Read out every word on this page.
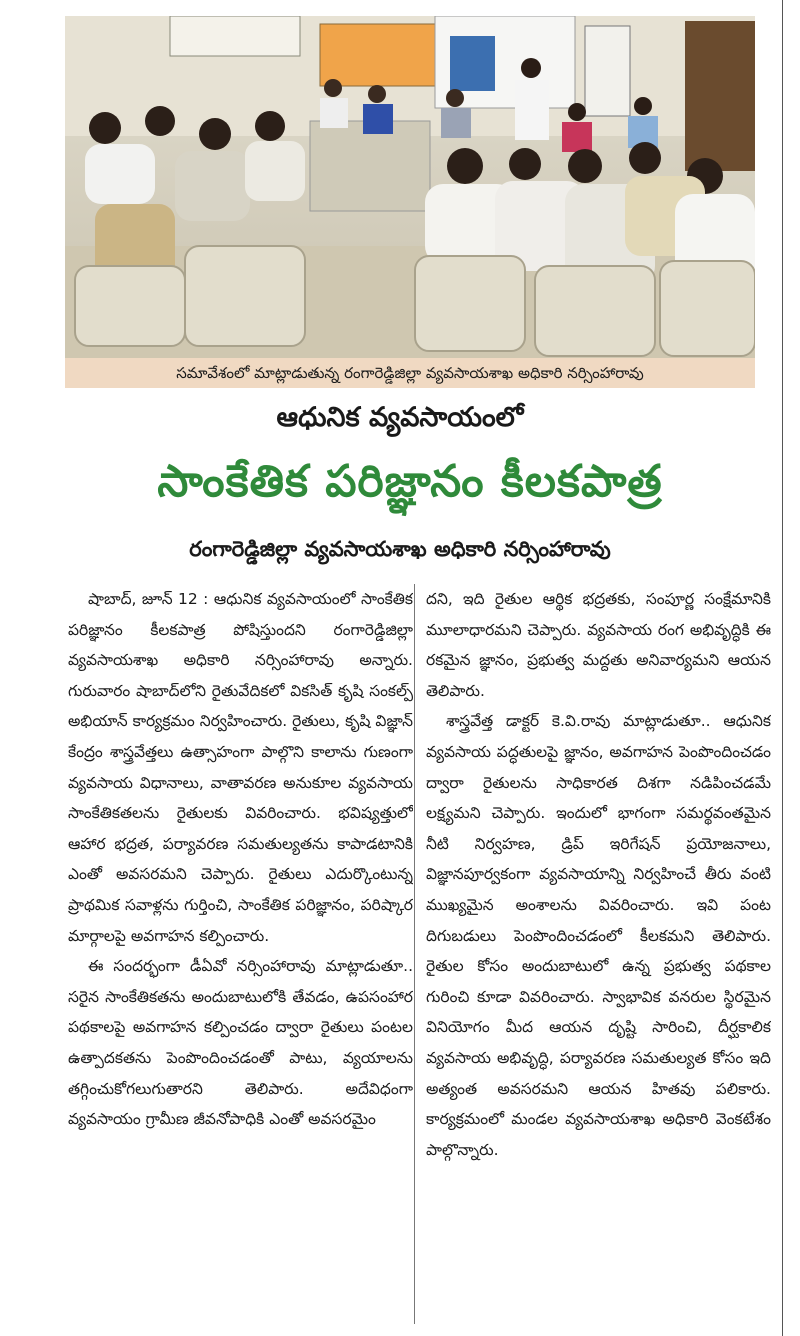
సమావేశంలో మాట్లాడుతున్న రంగారెడ్డిజిల్లా వ్యవసాయశాఖ అధికారి నర్సింహారావు
ఆధునిక వ్యవసాయంలో
సాంకేతిక పరిజ్ఞానం కీలకపాత్ర
రంగారెడ్డిజిల్లా వ్యవసాయశాఖ అధికారి నర్సింహారావు

షాబాద్‌, జూన్‌ 12 : ఆధునిక వ్యవసాయంలో సాంకేతిక పరిజ్ఞానం కీలకపాత్ర పోషిస్తుందని రంగారెడ్డిజిల్లా వ్యవసాయశాఖ అధికారి నర్సింహారావు అన్నారు. గురువారం షాబాద్‌లోని రైతువేదికలో వికసిత్‌ కృషి సంకల్ప్‌ అభియాన్‌ కార్యక్రమం నిర్వహించారు. రైతులు, కృషి విజ్ఞాన్‌ కేంద్రం శాస్త్రవేత్తలు ఉత్సాహంగా పాల్గొని కాలాను గుణంగా వ్యవసాయ విధానాలు, వాతావరణ అనుకూల వ్యవసాయ సాంకేతికతలను రైతులకు వివరించారు. భవిష్యత్తులో ఆహార భద్రత, పర్యావరణ సమతుల్యతను కాపాడటానికి ఎంతో అవసరమని చెప్పారు. రైతులు ఎదుర్కొంటున్న ప్రాథమిక సవాళ్లను గుర్తించి, సాంకేతిక పరిజ్ఞానం, పరిష్కార మార్గాలపై అవగాహన కల్పించారు.

ఈ సందర్భంగా డీఏవో నర్సింహారావు మాట్లాడుతూ.. సరైన సాంకేతికతను అందుబాటులోకి తేవడం, ఉపసంహార పథకాలపై అవగాహన కల్పించడం ద్వారా రైతులు పంటల ఉత్పాదకతను పెంపొందించడంతో పాటు, వ్యయాలను తగ్గించుకోగలుగుతారని తెలిపారు. అదేవిధంగా వ్యవసాయం గ్రామీణ జీవనోపాధికి ఎంతో అవసరమైం

దని, ఇది రైతుల ఆర్థిక భద్రతకు, సంపూర్ణ సంక్షేమానికి మూలాధారమని చెప్పారు. వ్యవసాయ రంగ అభివృద్ధికి ఈ రకమైన జ్ఞానం, ప్రభుత్వ మద్దతు అనివార్యమని ఆయన తెలిపారు.

శాస్త్రవేత్త డాక్టర్‌ కె.వి.రావు మాట్లాడుతూ.. ఆధునిక వ్యవసాయ పద్ధతులపై జ్ఞానం, అవగాహన పెంపొందించడం ద్వారా రైతులను సాధికారత దిశగా నడిపించడమే లక్ష్యమని చెప్పారు. ఇందులో భాగంగా సమర్థవంతమైన నీటి నిర్వహణ, డ్రిప్‌ ఇరిగేషన్‌ ప్రయోజనాలు, విజ్ఞానపూర్వకంగా వ్యవసాయాన్ని నిర్వహించే తీరు వంటి ముఖ్యమైన అంశాలను వివరించారు. ఇవి పంట దిగుబడులు పెంపొందించడంలో కీలకమని తెలిపారు. రైతుల కోసం అందుబాటులో ఉన్న ప్రభుత్వ పథకాల గురించి కూడా వివరించారు. స్వాభావిక వనరుల స్థిరమైన వినియోగం మీద ఆయన దృష్టి సారించి, దీర్ఘకాలిక వ్యవసాయ అభివృద్ధి, పర్యావరణ సమతుల్యత కోసం ఇది అత్యంత అవసరమని ఆయన హితవు పలికారు. కార్యక్రమంలో మండల వ్యవసాయశాఖ అధికారి వెంకటేశం పాల్గొన్నారు.
